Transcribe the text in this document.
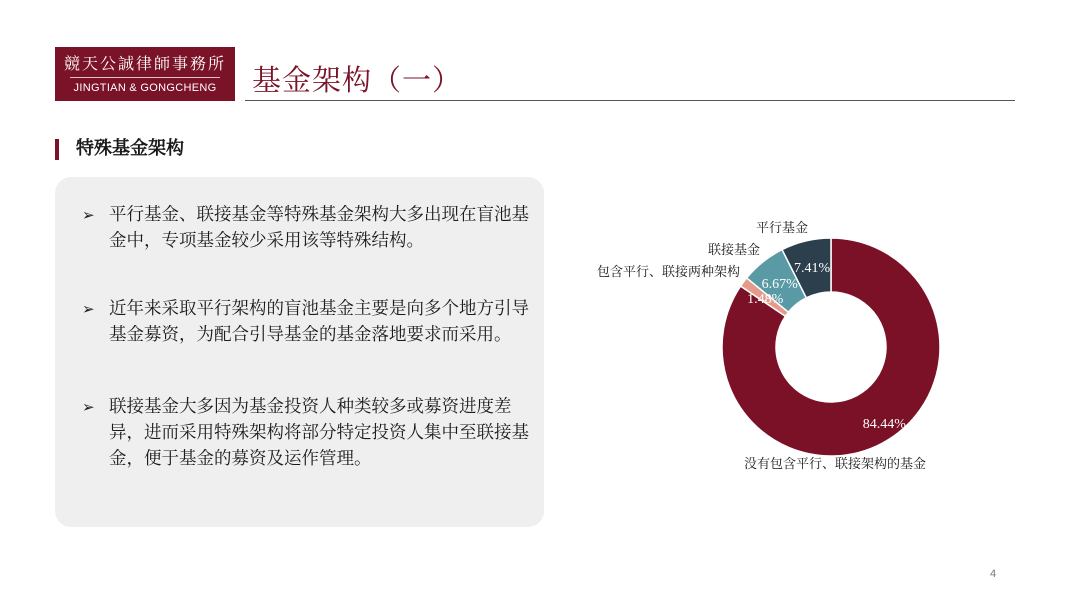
競天公誠律師事務所
JINGTIAN & GONGCHENG	基金架构（一）
特殊基金架构
➢ 平行基金、联接基金等特殊基金架构大多出现在盲池基金中，专项基金较少采用该等特殊结构。
➢ 近年来采取平行架构的盲池基金主要是向多个地方引导基金募资，为配合引导基金的基金落地要求而采用。
➢ 联接基金大多因为基金投资人种类较多或募资进度差异，进而采用特殊架构将部分特定投资人集中至联接基金，便于基金的募资及运作管理。
84.44%
1.48%
6.67%
7.41%
没有包含平行、联接架构的基金
包含平行、联接两种架构
联接基金
平行基金
4
